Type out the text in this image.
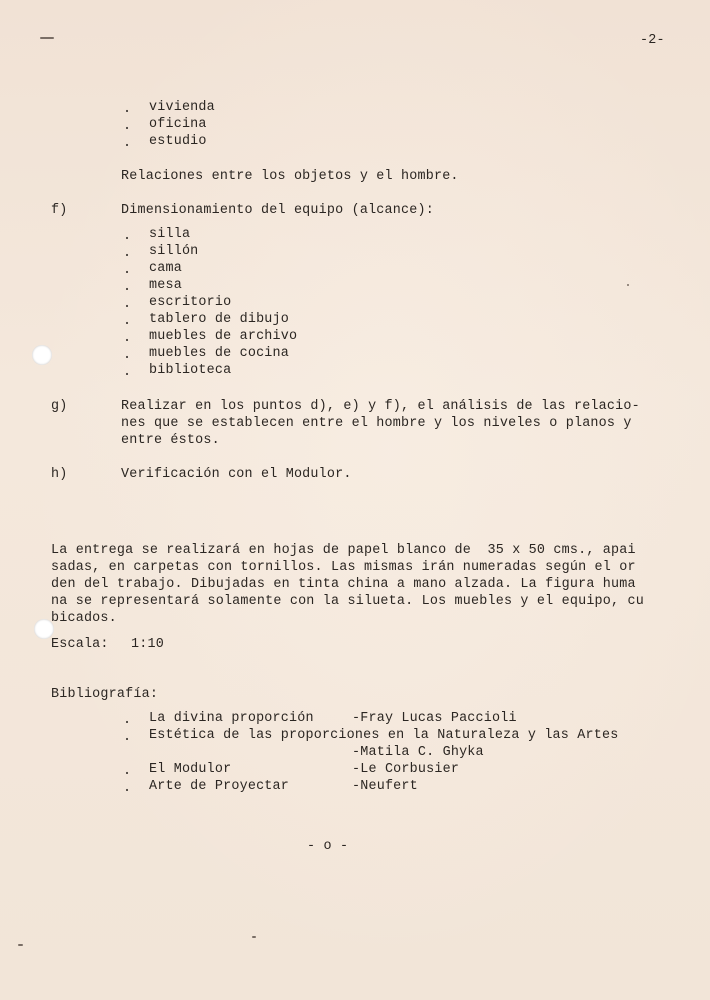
-2-
. vivienda
. oficina
. estudio
Relaciones entre los objetos y el hombre.
f)	Dimensionamiento del equipo (alcance):
. silla
. sillón
. cama
. mesa
. escritorio
. tablero de dibujo
. muebles de archivo
. muebles de cocina
. biblioteca
g)	Realizar en los puntos d), e) y f), el análisis de las relacio-
nes que se establecen entre el hombre y los niveles o planos y
entre éstos.
h)	Verificación con el Modulor.
La entrega se realizará en hojas de papel blanco de  35 x 50 cms., apai
sadas, en carpetas con tornillos. Las mismas irán numeradas según el or
den del trabajo. Dibujadas en tinta china a mano alzada. La figura huma
na se representará solamente con la silueta. Los muebles y el equipo, cu
bicados.
Escala: 1:10
Bibliografía:
. La divina proporción	-Fray Lucas Paccioli
. Estética de las proporciones en la Naturaleza y las Artes
-Matila C. Ghyka
. El Modulor	-Le Corbusier
. Arte de Proyectar	-Neufert
- o -
